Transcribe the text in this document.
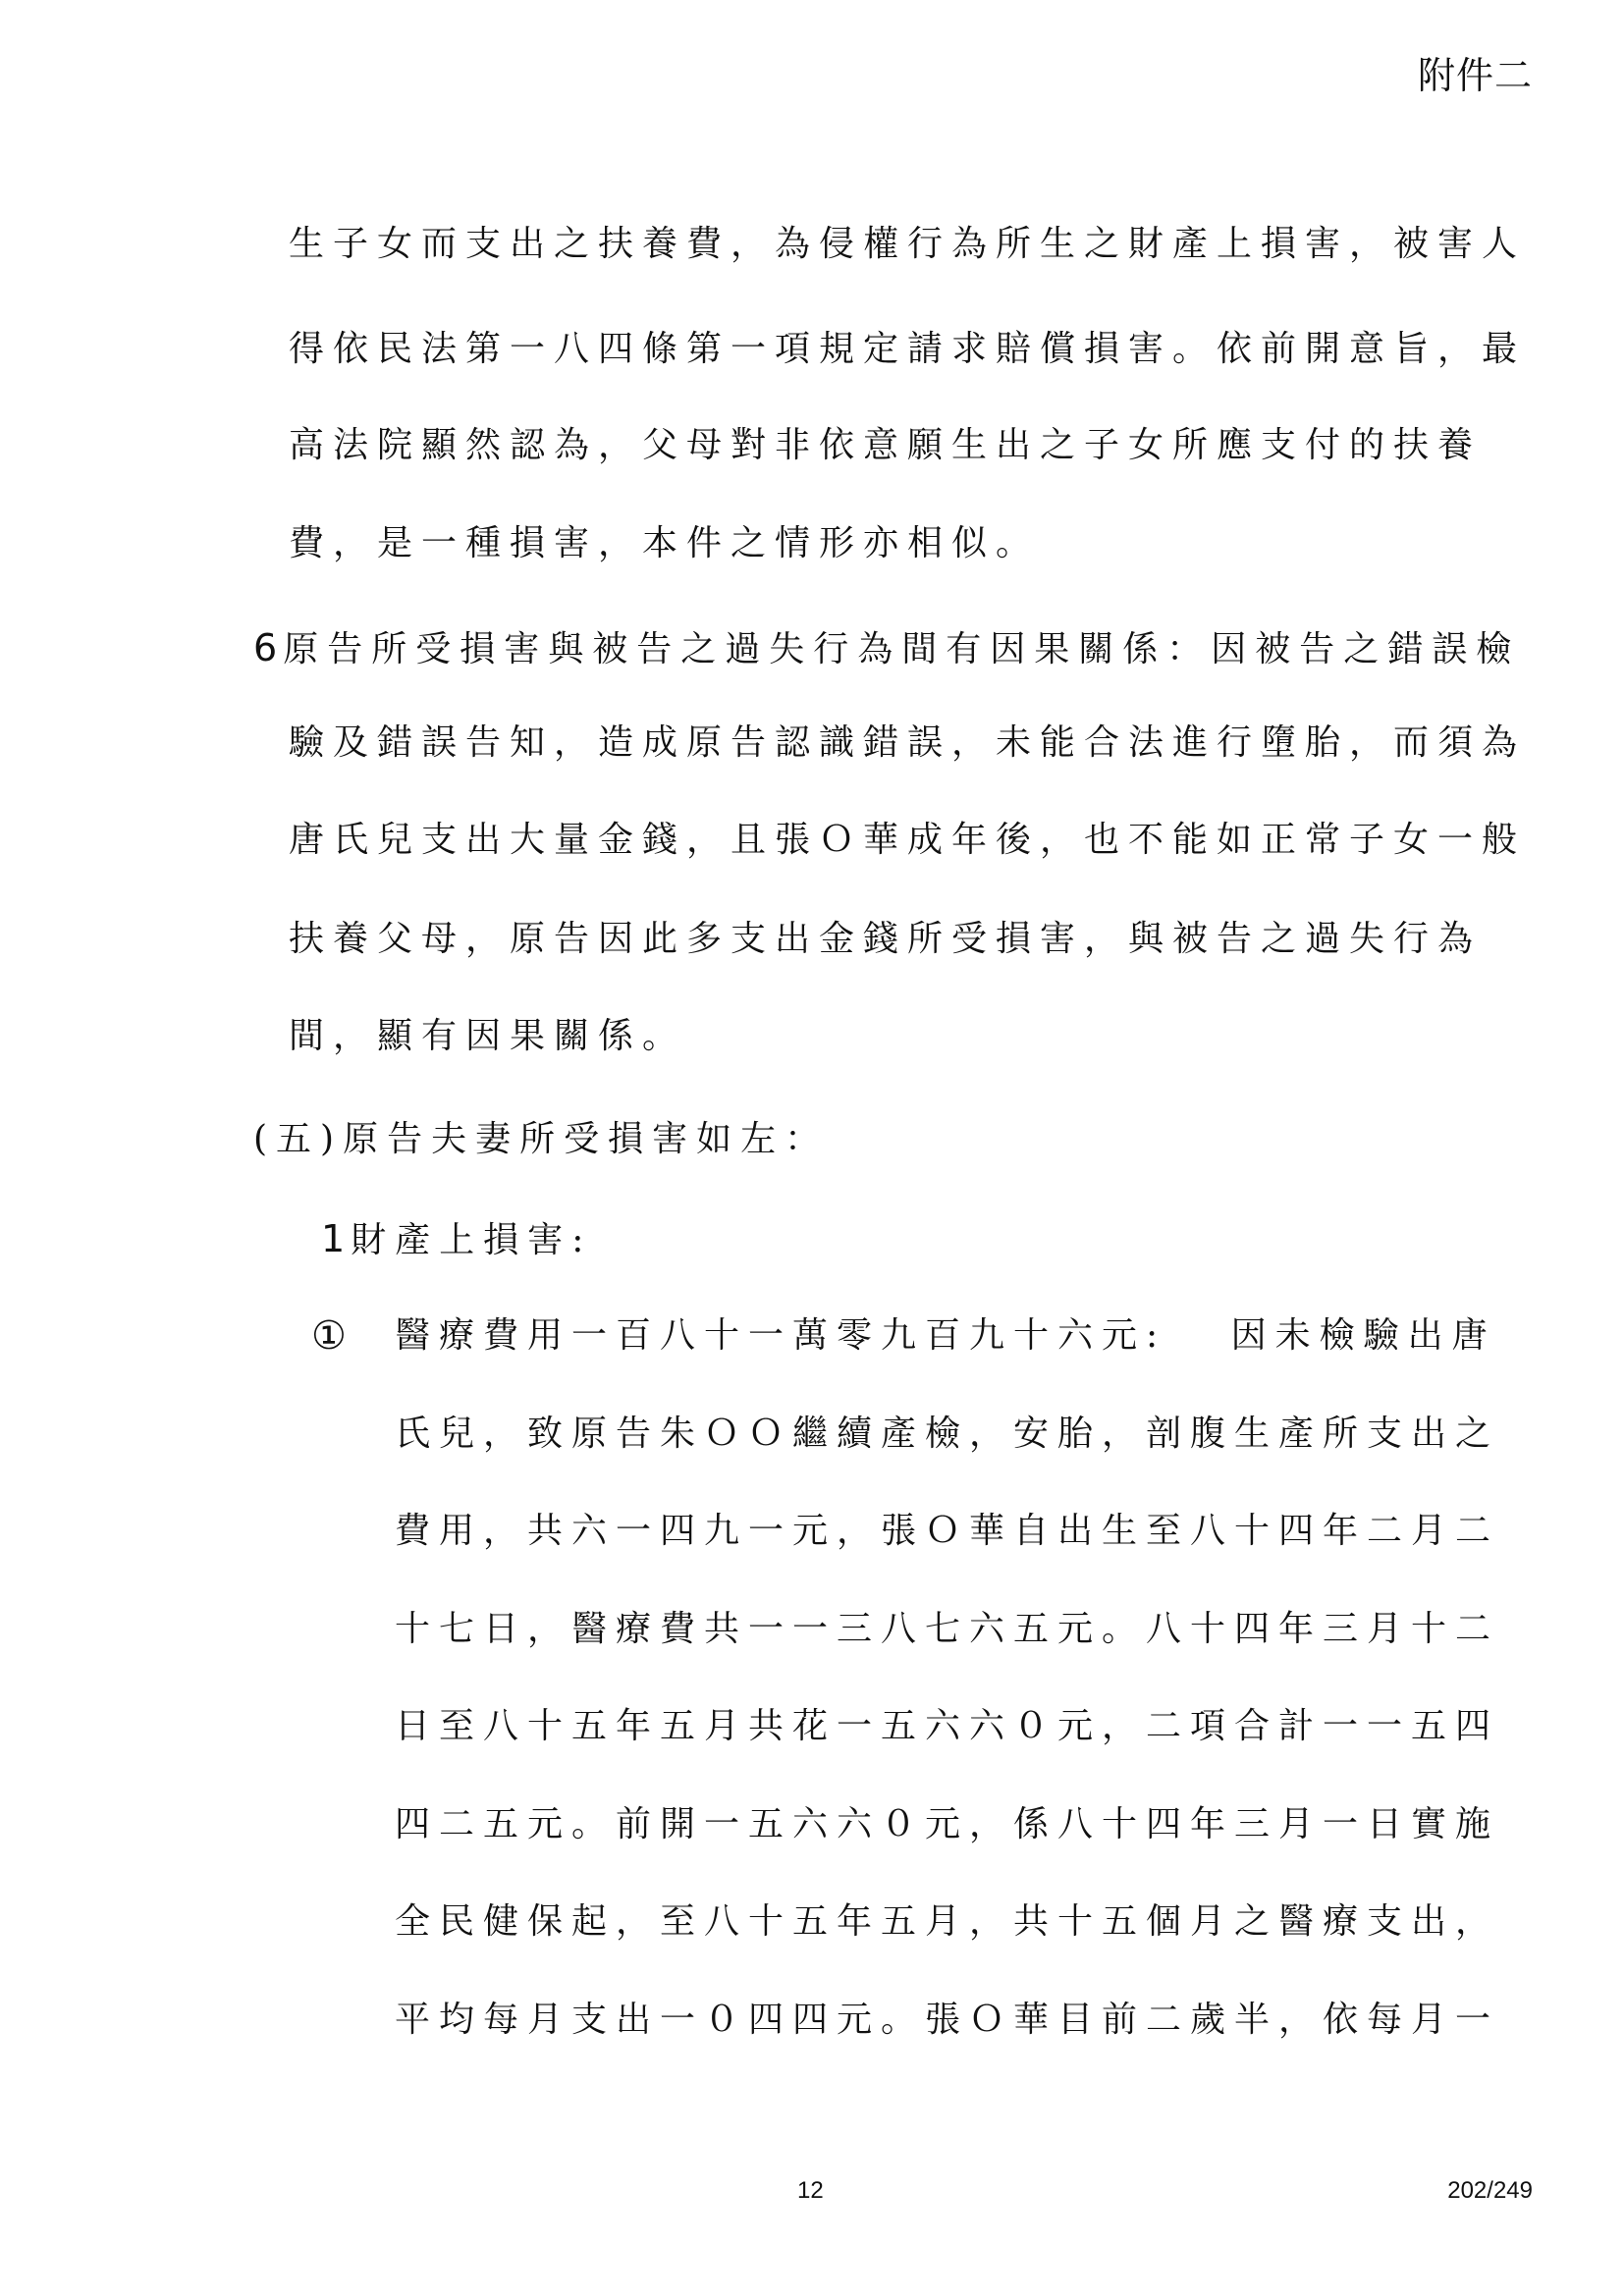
附件二
生子女而支出之扶養費，為侵權行為所生之財產上損害，被害人
得依民法第一八四條第一項規定請求賠償損害。依前開意旨，最
高法院顯然認為，父母對非依意願生出之子女所應支付的扶養
費，是一種損害，本件之情形亦相似。
6 原告所受損害與被告之過失行為間有因果關係：因被告之錯誤檢
驗及錯誤告知，造成原告認識錯誤，未能合法進行墮胎，而須為
唐氏兒支出大量金錢，且張Ｏ華成年後，也不能如正常子女一般
扶養父母，原告因此多支出金錢所受損害，與被告之過失行為
間，顯有因果關係。
(五)原告夫妻所受損害如左：
1 財產上損害:
① 醫療費用一百八十一萬零九百九十六元:　 因未檢驗出唐
氏兒，致原告朱ＯＯ繼續產檢，安胎，剖腹生產所支出之
費用，共六一四九一元，張Ｏ華自出生至八十四年二月二
十七日，醫療費共一一三八七六五元。八十四年三月十二
日至八十五年五月共花一五六六０元，二項合計一一五四
四二五元。前開一五六六０元，係八十四年三月一日實施
全民健保起，至八十五年五月，共十五個月之醫療支出，
平均每月支出一０四四元。張Ｏ華目前二歲半，依每月一
12	202/249
